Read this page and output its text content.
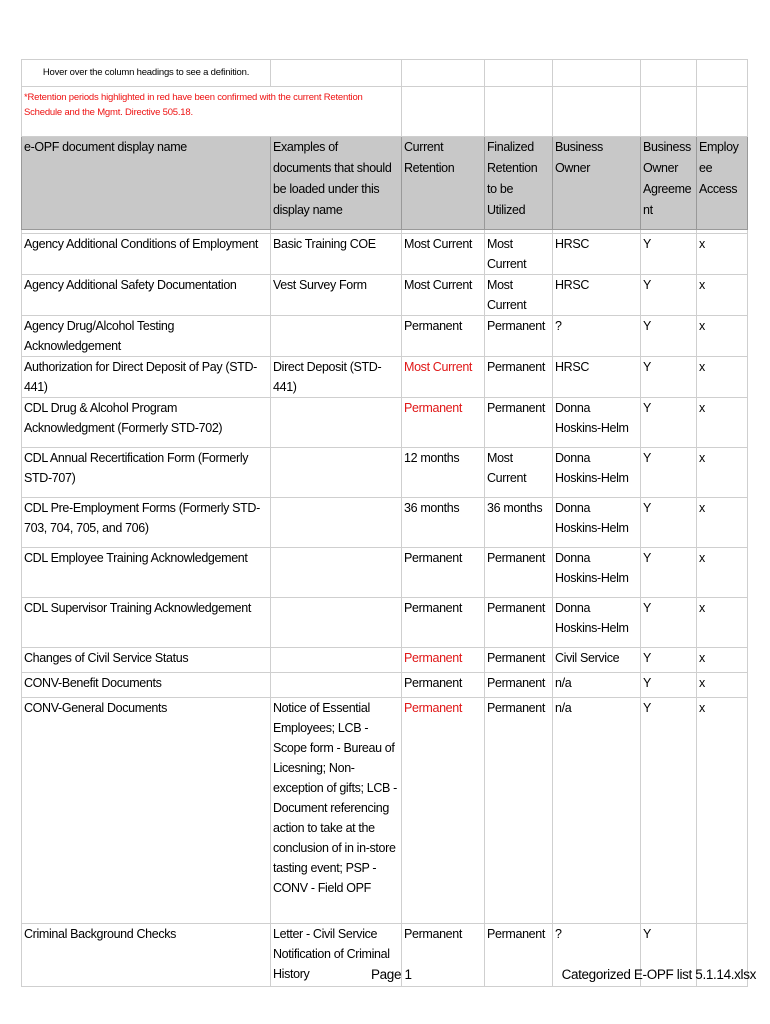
Hover over the column headings to see a definition.						
*Retention periods highlighted in red have been confirmed with the current Retention Schedule and the Mgmt. Directive 505.18.						
e-OPF document display name	Examples of documents that should be loaded under this display name	Current Retention	Finalized Retention to be Utilized	Business Owner	Business Owner Agreement	Employee Access

Agency Additional Conditions of Employment	Basic Training COE	Most Current	Most Current	HRSC	Y	x
Agency Additional Safety Documentation	Vest Survey Form	Most Current	Most Current	HRSC	Y	x
Agency Drug/Alcohol Testing Acknowledgement		Permanent	Permanent	?	Y	x
Authorization for Direct Deposit of Pay (STD-441)	Direct Deposit (STD-441)	Most Current	Permanent	HRSC	Y	x
CDL Drug & Alcohol Program Acknowledgment (Formerly STD-702)		Permanent	Permanent	Donna Hoskins-Helm	Y	x
CDL Annual Recertification Form (Formerly STD-707)		12 months	Most Current	Donna Hoskins-Helm	Y	x
CDL Pre-Employment Forms (Formerly STD-703, 704, 705, and 706)		36 months	36 months	Donna Hoskins-Helm	Y	x
CDL Employee Training Acknowledgement		Permanent	Permanent	Donna Hoskins-Helm	Y	x
CDL Supervisor Training Acknowledgement		Permanent	Permanent	Donna Hoskins-Helm	Y	x
Changes of Civil Service Status		Permanent	Permanent	Civil Service	Y	x
CONV-Benefit Documents		Permanent	Permanent	n/a	Y	x
CONV-General Documents	Notice of Essential Employees; LCB - Scope form - Bureau of Licesning; Non-exception of gifts; LCB - Document referencing action to take at the conclusion of in in-store tasting event; PSP - CONV - Field OPF	Permanent	Permanent	n/a	Y	x
Criminal Background Checks	Letter - Civil Service Notification of Criminal History	Permanent	Permanent	?	Y	
Page 1	Categorized E-OPF list 5.1.14.xlsx
